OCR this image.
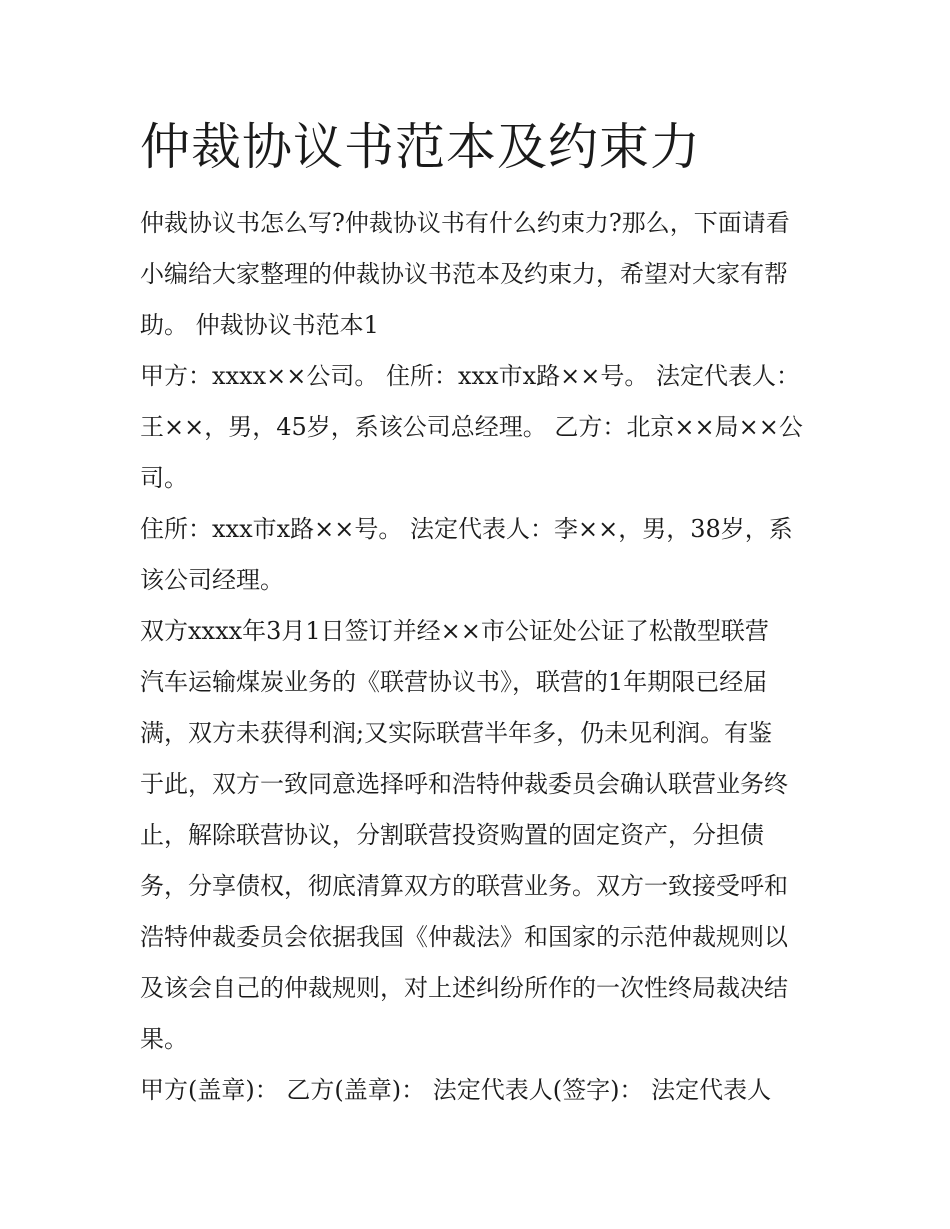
仲裁协议书范本及约束力

仲裁协议书怎么写?仲裁协议书有什么约束力?那么，下面请看
小编给大家整理的仲裁协议书范本及约束力，希望对大家有帮
助。 仲裁协议书范本1

甲方：xxxx××公司。 住所：xxx市x路××号。 法定代表人：
王××，男，45岁，系该公司总经理。 乙方：北京××局××公
司。

住所：xxx市x路××号。 法定代表人：李××，男，38岁，系
该公司经理。

双方xxxx年3月1日签订并经××市公证处公证了松散型联营
汽车运输煤炭业务的《联营协议书》，联营的1年期限已经届
满，双方未获得利润;又实际联营半年多，仍未见利润。有鉴
于此，双方一致同意选择呼和浩特仲裁委员会确认联营业务终
止，解除联营协议，分割联营投资购置的固定资产，分担债
务，分享债权，彻底清算双方的联营业务。双方一致接受呼和
浩特仲裁委员会依据我国《仲裁法》和国家的示范仲裁规则以
及该会自己的仲裁规则，对上述纠纷所作的一次性终局裁决结
果。

甲方(盖章)： 乙方(盖章)： 法定代表人(签字)： 法定代表人
